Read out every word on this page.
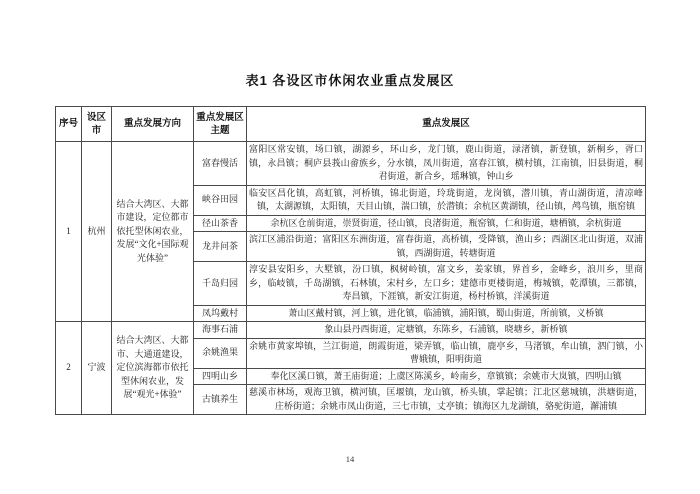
表1 各设区市休闲农业重点发展区
序号	设区市	重点发展方向	重点发展区主题	重点发展区
1	杭州	结合大湾区、大都市建设，定位都市依托型休闲农业，发展“文化+国际观光体验”	富春慢活	富阳区常安镇，场口镇，湖源乡，环山乡，龙门镇，鹿山街道，渌渚镇，新登镇，新桐乡，胥口镇，永昌镇；桐庐县莪山畲族乡，分水镇，凤川街道，富春江镇，横村镇，江南镇，旧县街道，桐君街道，新合乡，瑶琳镇，钟山乡
			峡谷田园	临安区昌化镇，高虹镇，河桥镇，锦北街道，玲珑街道，龙岗镇，潜川镇，青山湖街道，清凉峰镇，太湖源镇，太阳镇，天目山镇，湍口镇，於潜镇；余杭区黄湖镇，径山镇，鸬鸟镇，瓶窑镇
			径山茶香	余杭区仓前街道，崇贤街道，径山镇，良渚街道，瓶窑镇，仁和街道，塘栖镇，余杭街道
			龙井问茶	滨江区浦沿街道；富阳区东洲街道，富春街道，高桥镇，受降镇，渔山乡；西湖区北山街道，双浦镇，西湖街道，转塘街道
			千岛归园	淳安县安阳乡，大墅镇，汾口镇，枫树岭镇，富文乡，姜家镇，界首乡，金峰乡，浪川乡，里商乡，临岐镇，千岛湖镇，石林镇，宋村乡，左口乡；建德市更楼街道，梅城镇，乾潭镇，三都镇，寿昌镇，下涯镇，新安江街道，杨村桥镇，洋溪街道
			凤坞戴村	萧山区戴村镇，河上镇，进化镇，临浦镇，浦阳镇，蜀山街道，所前镇，义桥镇
2	宁波	结合大湾区、大都市、大通道建设，定位滨海都市依托型休闲农业，发展“观光+体验”	海事石浦	象山县丹西街道，定塘镇，东陈乡，石浦镇，晓塘乡，新桥镇
			余姚渔果	余姚市黄家埠镇，兰江街道，朗霞街道，梁弄镇，临山镇，鹿亭乡，马渚镇，牟山镇，泗门镇，小曹娥镇，阳明街道
			四明山乡	奉化区溪口镇，萧王庙街道；上虞区陈溪乡，岭南乡，章镇镇；余姚市大岚镇，四明山镇
			古镇养生	慈溪市林场，观海卫镇，横河镇，匡堰镇，龙山镇，桥头镇，掌起镇；江北区慈城镇，洪塘街道，庄桥街道；余姚市凤山街道，三七市镇，丈亭镇；镇海区九龙湖镇，骆驼街道，澥浦镇
14
